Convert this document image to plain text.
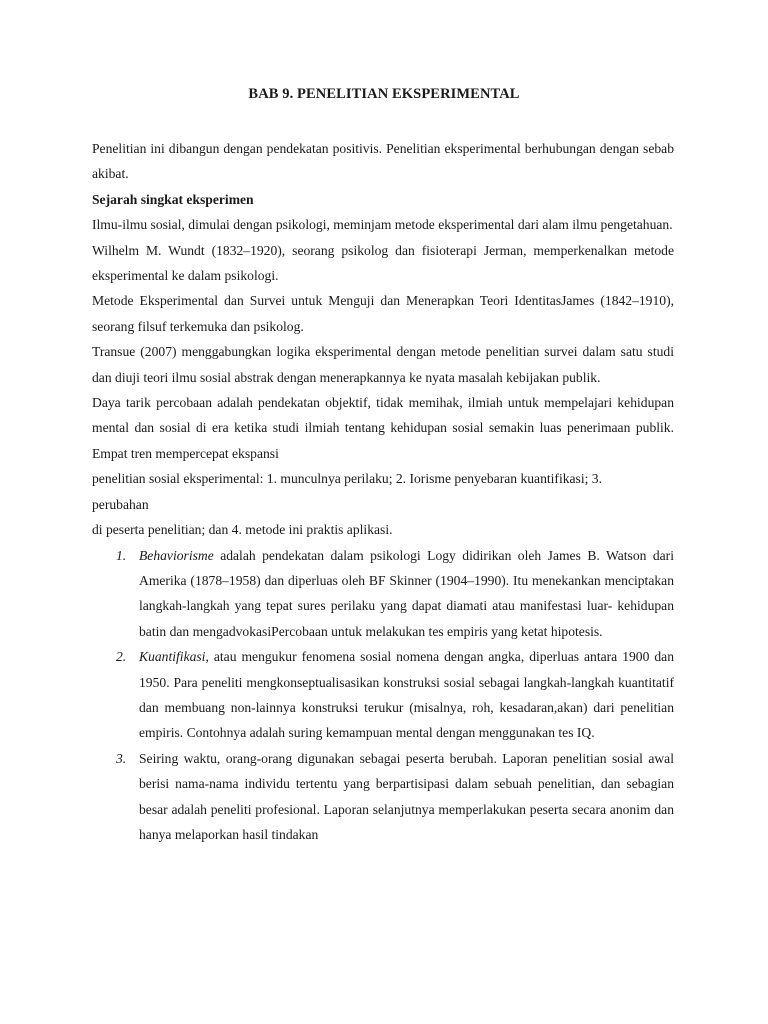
BAB 9. PENELITIAN EKSPERIMENTAL
Penelitian ini dibangun dengan pendekatan positivis. Penelitian eksperimental berhubungan dengan sebab akibat.
Sejarah singkat eksperimen
Ilmu-ilmu sosial, dimulai dengan psikologi, meminjam metode eksperimental dari alam ilmu pengetahuan.
Wilhelm M. Wundt (1832–1920), seorang psikolog dan fisioterapi Jerman, memperkenalkan metode eksperimental ke dalam psikologi.
Metode Eksperimental dan Survei untuk Menguji dan Menerapkan Teori IdentitasJames (1842–1910), seorang filsuf terkemuka dan psikolog.
Transue (2007) menggabungkan logika eksperimental dengan metode penelitian survei dalam satu studi dan diuji teori ilmu sosial abstrak dengan menerapkannya ke nyata masalah kebijakan publik.
Daya tarik percobaan adalah pendekatan objektif, tidak memihak, ilmiah untuk mempelajari kehidupan mental dan sosial di era ketika studi ilmiah tentang kehidupan sosial semakin luas penerimaan publik. Empat tren mempercepat ekspansi
penelitian sosial eksperimental: 1. munculnya perilaku; 2. Iorisme penyebaran kuantifikasi; 3.
perubahan
di peserta penelitian; dan 4. metode ini praktis aplikasi.
1. Behaviorisme adalah pendekatan dalam psikologi Logy didirikan oleh James B. Watson dari Amerika (1878–1958) dan diperluas oleh BF Skinner (1904–1990). Itu menekankan menciptakan langkah-langkah yang tepat sures perilaku yang dapat diamati atau manifestasi luar- kehidupan batin dan mengadvokasiPercobaan untuk melakukan tes empiris yang ketat hipotesis.
2. Kuantifikasi, atau mengukur fenomena sosial nomena dengan angka, diperluas antara 1900 dan 1950. Para peneliti mengkonseptualisasikan konstruksi sosial sebagai langkah-langkah kuantitatif dan membuang non-lainnya konstruksi terukur (misalnya, roh, kesadaran,akan) dari penelitian empiris. Contohnya adalah suring kemampuan mental dengan menggunakan tes IQ.
3. Seiring waktu, orang-orang digunakan sebagai peserta berubah. Laporan penelitian sosial awal berisi nama-nama individu tertentu yang berpartisipasi dalam sebuah penelitian, dan sebagian besar adalah peneliti profesional. Laporan selanjutnya memperlakukan peserta secara anonim dan hanya melaporkan hasil tindakan
